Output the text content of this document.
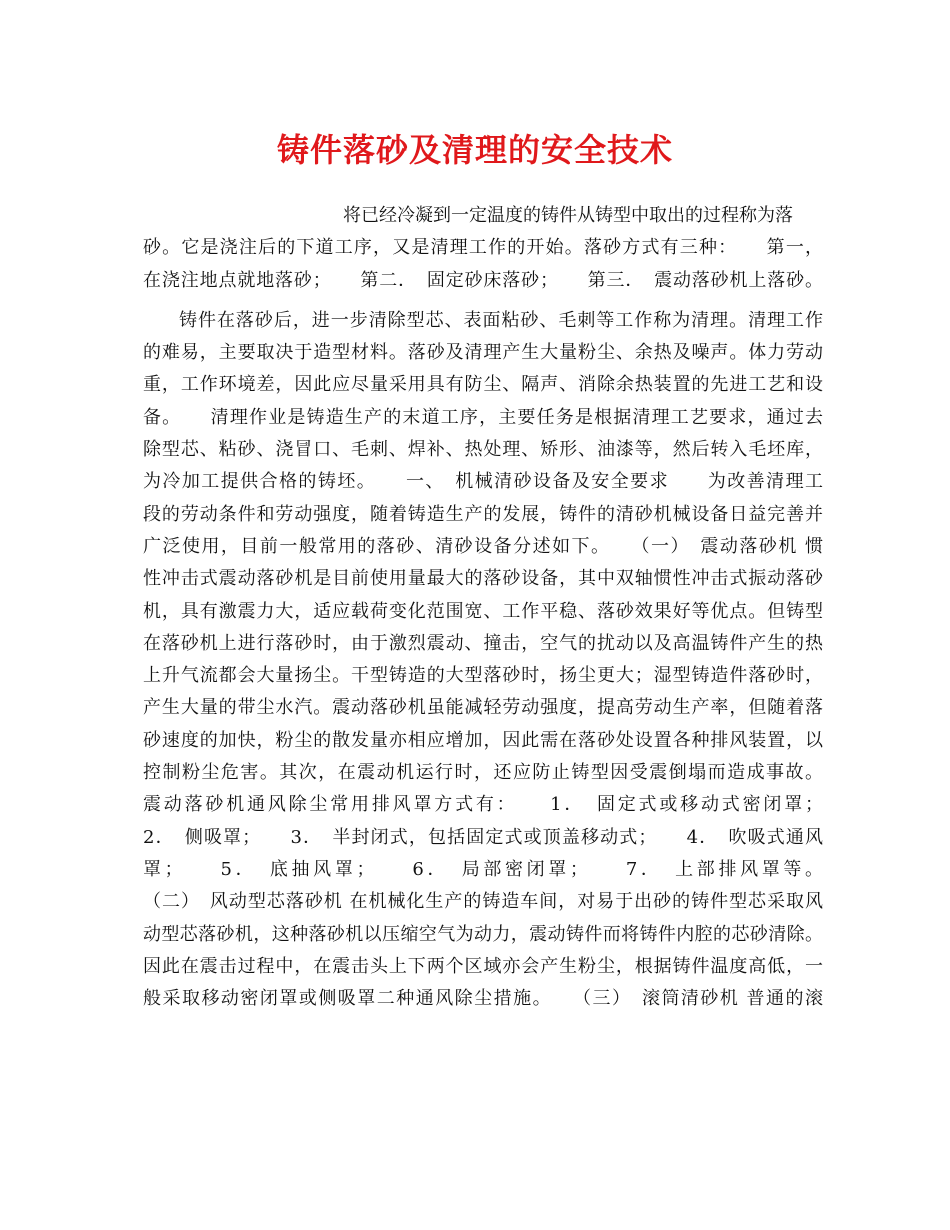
铸件落砂及清理的安全技术
将已经冷凝到一定温度的铸件从铸型中取出的过程称为落
砂。它是浇注后的下道工序，又是清理工作的开始。落砂方式有三种：　　第一，
在浇注地点就地落砂；　　第二．　固定砂床落砂；　　第三．　震动落砂机上落砂。
铸件在落砂后，进一步清除型芯、表面粘砂、毛刺等工作称为清理。清理工作
的难易，主要取决于造型材料。落砂及清理产生大量粉尘、余热及噪声。体力劳动
重，工作环境差，因此应尽量采用具有防尘、隔声、消除余热装置的先进工艺和设
备。　　清理作业是铸造生产的末道工序，主要任务是根据清理工艺要求，通过去
除型芯、粘砂、浇冒口、毛刺、焊补、热处理、矫形、油漆等，然后转入毛坯库，
为冷加工提供合格的铸坯。　　一、　机械清砂设备及安全要求　　为改善清理工
段的劳动条件和劳动强度，随着铸造生产的发展，铸件的清砂机械设备日益完善并
广泛使用，目前一般常用的落砂、清砂设备分述如下。　　（一）　震动落砂机 惯
性冲击式震动落砂机是目前使用量最大的落砂设备，其中双轴惯性冲击式振动落砂
机，具有激震力大，适应载荷变化范围宽、工作平稳、落砂效果好等优点。但铸型
在落砂机上进行落砂时，由于激烈震动、撞击，空气的扰动以及高温铸件产生的热
上升气流都会大量扬尘。干型铸造的大型落砂时，扬尘更大；湿型铸造件落砂时，
产生大量的带尘水汽。震动落砂机虽能减轻劳动强度，提高劳动生产率，但随着落
砂速度的加快，粉尘的散发量亦相应增加，因此需在落砂处设置各种排风装置，以
控制粉尘危害。其次，在震动机运行时，还应防止铸型因受震倒塌而造成事故。
震动落砂机通风除尘常用排风罩方式有：　　1．　固定式或移动式密闭罩；
2．　侧吸罩；　　3．　半封闭式，包括固定式或顶盖移动式；　　4．　吹吸式通风
罩；　　5．　底抽风罩；　　6．　局部密闭罩；　　7．　上部排风罩等。
（二）　风动型芯落砂机 在机械化生产的铸造车间，对易于出砂的铸件型芯采取风
动型芯落砂机，这种落砂机以压缩空气为动力，震动铸件而将铸件内腔的芯砂清除。
因此在震击过程中，在震击头上下两个区域亦会产生粉尘，根据铸件温度高低，一
般采取移动密闭罩或侧吸罩二种通风除尘措施。　　（三）　滚筒清砂机 普通的滚
